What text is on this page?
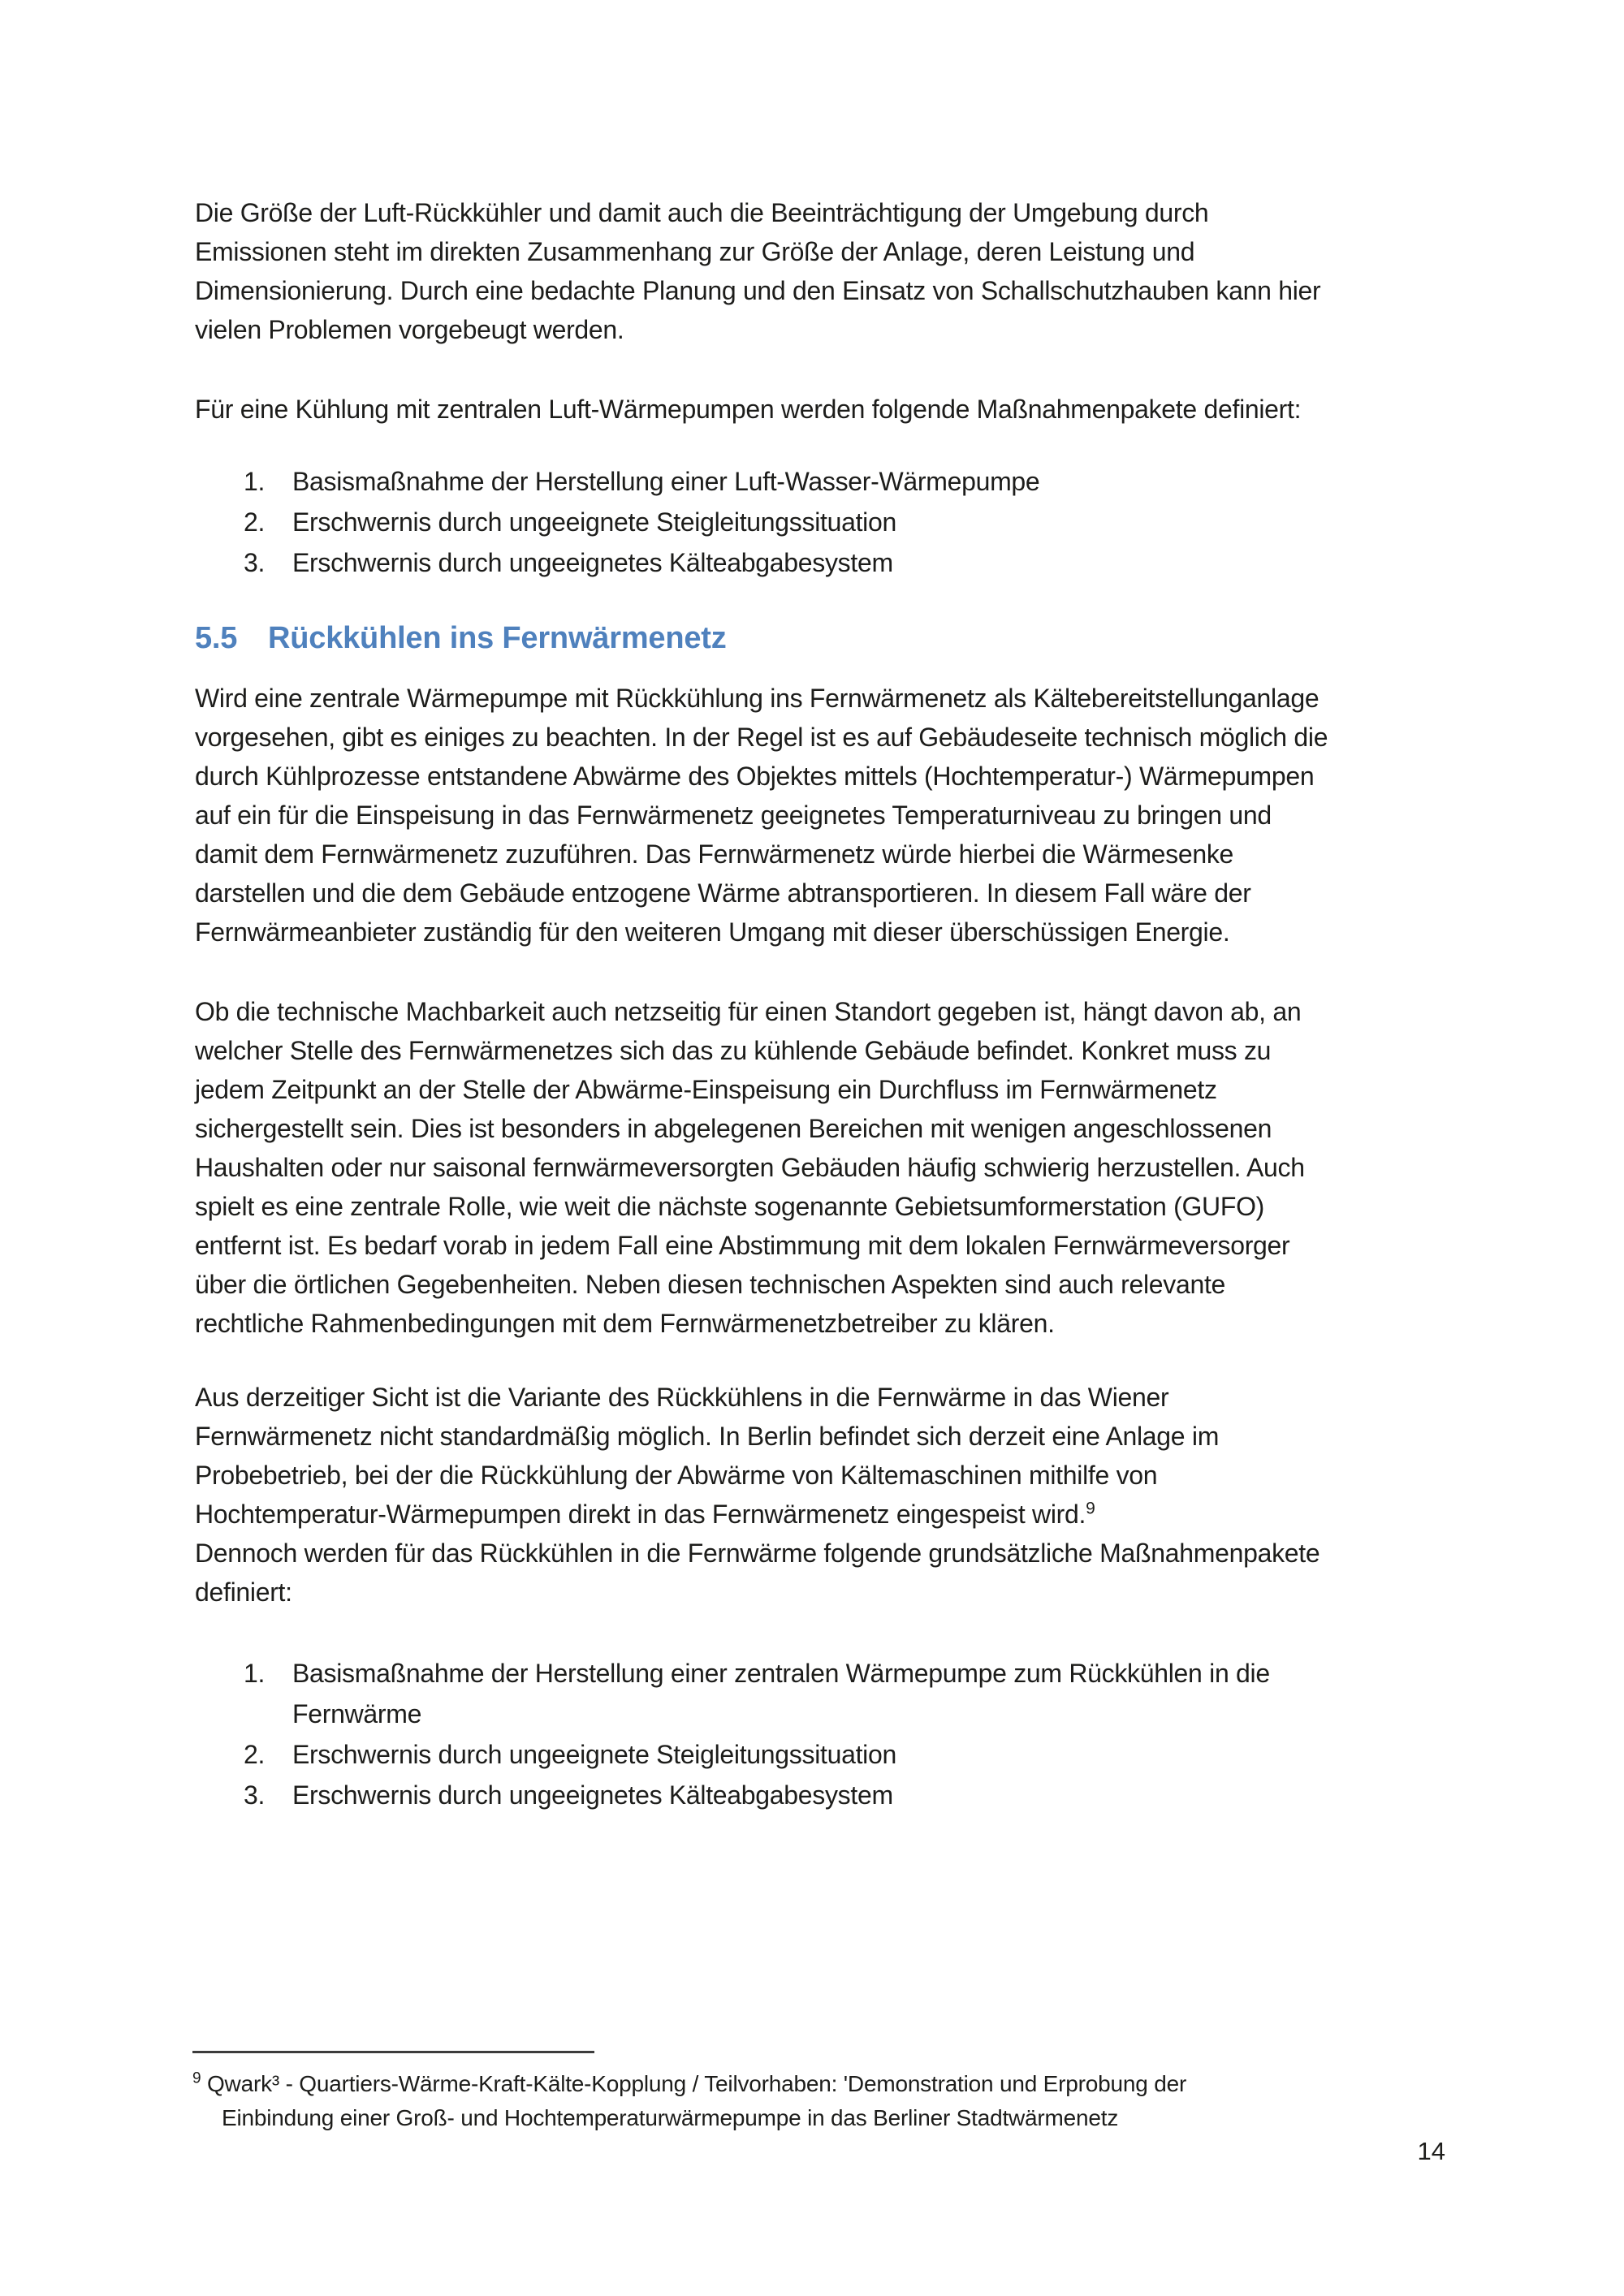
Die Größe der Luft-Rückkühler und damit auch die Beeinträchtigung der Umgebung durch
Emissionen steht im direkten Zusammenhang zur Größe der Anlage, deren Leistung und
Dimensionierung. Durch eine bedachte Planung und den Einsatz von Schallschutzhauben kann hier
vielen Problemen vorgebeugt werden.
Für eine Kühlung mit zentralen Luft-Wärmepumpen werden folgende Maßnahmenpakete definiert:
1. Basismaßnahme der Herstellung einer Luft-Wasser-Wärmepumpe
2. Erschwernis durch ungeeignete Steigleitungssituation
3. Erschwernis durch ungeeignetes Kälteabgabesystem
5.5 Rückkühlen ins Fernwärmenetz
Wird eine zentrale Wärmepumpe mit Rückkühlung ins Fernwärmenetz als Kältebereitstellunganlage
vorgesehen, gibt es einiges zu beachten. In der Regel ist es auf Gebäudeseite technisch möglich die
durch Kühlprozesse entstandene Abwärme des Objektes mittels (Hochtemperatur-) Wärmepumpen
auf ein für die Einspeisung in das Fernwärmenetz geeignetes Temperaturniveau zu bringen und
damit dem Fernwärmenetz zuzuführen. Das Fernwärmenetz würde hierbei die Wärmesenke
darstellen und die dem Gebäude entzogene Wärme abtransportieren. In diesem Fall wäre der
Fernwärmeanbieter zuständig für den weiteren Umgang mit dieser überschüssigen Energie.
Ob die technische Machbarkeit auch netzseitig für einen Standort gegeben ist, hängt davon ab, an
welcher Stelle des Fernwärmenetzes sich das zu kühlende Gebäude befindet. Konkret muss zu
jedem Zeitpunkt an der Stelle der Abwärme-Einspeisung ein Durchfluss im Fernwärmenetz
sichergestellt sein. Dies ist besonders in abgelegenen Bereichen mit wenigen angeschlossenen
Haushalten oder nur saisonal fernwärmeversorgten Gebäuden häufig schwierig herzustellen. Auch
spielt es eine zentrale Rolle, wie weit die nächste sogenannte Gebietsumformerstation (GUFO)
entfernt ist. Es bedarf vorab in jedem Fall eine Abstimmung mit dem lokalen Fernwärmeversorger
über die örtlichen Gegebenheiten. Neben diesen technischen Aspekten sind auch relevante
rechtliche Rahmenbedingungen mit dem Fernwärmenetzbetreiber zu klären.
Aus derzeitiger Sicht ist die Variante des Rückkühlens in die Fernwärme in das Wiener
Fernwärmenetz nicht standardmäßig möglich. In Berlin befindet sich derzeit eine Anlage im
Probebetrieb, bei der die Rückkühlung der Abwärme von Kältemaschinen mithilfe von
Hochtemperatur-Wärmepumpen direkt in das Fernwärmenetz eingespeist wird.$^9$
Dennoch werden für das Rückkühlen in die Fernwärme folgende grundsätzliche Maßnahmenpakete
definiert:
1. Basismaßnahme der Herstellung einer zentralen Wärmepumpe zum Rückkühlen in die
Fernwärme
2. Erschwernis durch ungeeignete Steigleitungssituation
3. Erschwernis durch ungeeignetes Kälteabgabesystem
$^9$ Qwark³ - Quartiers-Wärme-Kraft-Kälte-Kopplung / Teilvorhaben: 'Demonstration und Erprobung der
Einbindung einer Groß- und Hochtemperaturwärmepumpe in das Berliner Stadtwärmenetz
14
